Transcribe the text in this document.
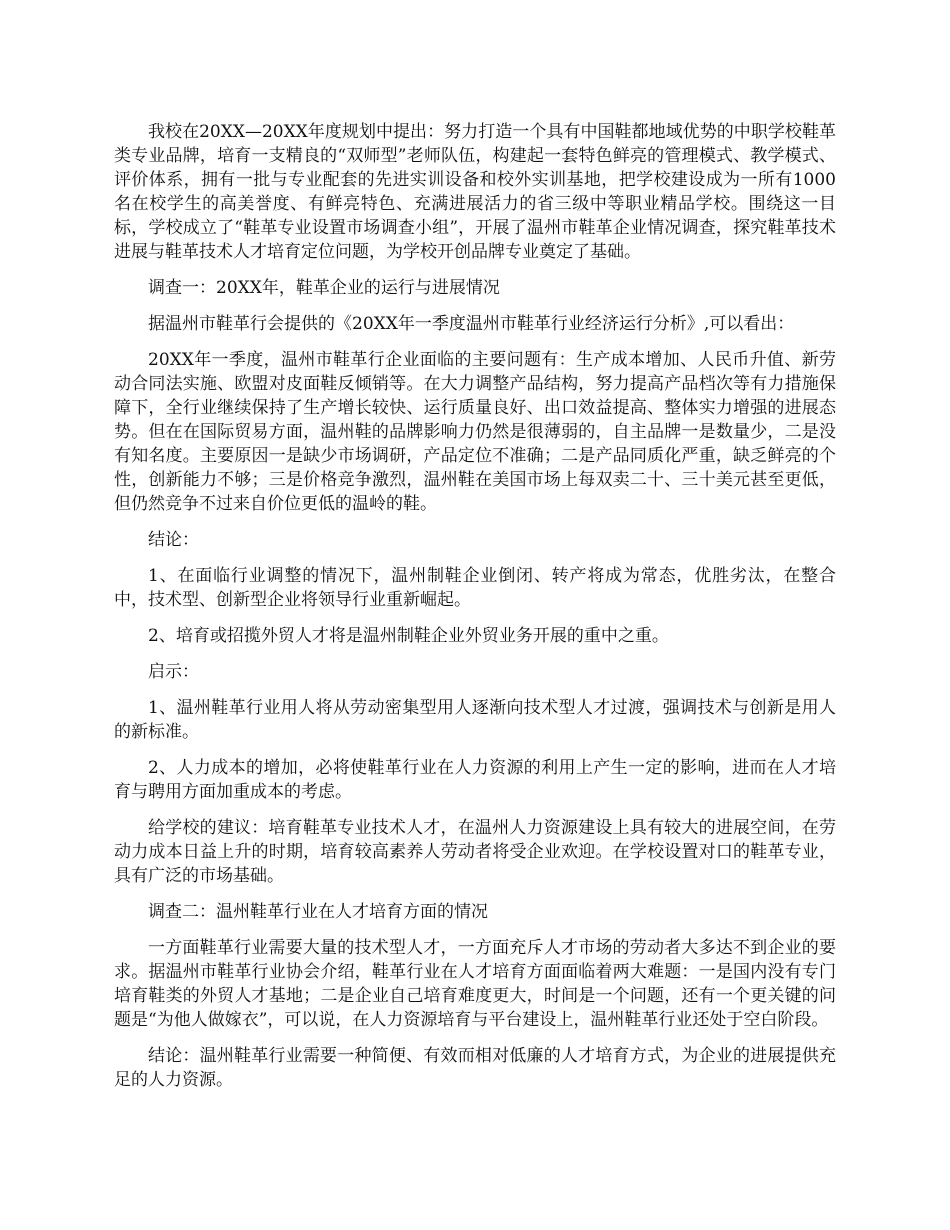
我校在20XX—20XX年度规划中提出：努力打造一个具有中国鞋都地域优势的中职学校鞋革类专业品牌，培育一支精良的“双师型”老师队伍，构建起一套特色鲜亮的管理模式、教学模式、评价体系，拥有一批与专业配套的先进实训设备和校外实训基地，把学校建设成为一所有1000名在校学生的高美誉度、有鲜亮特色、充满进展活力的省三级中等职业精品学校。围绕这一目标，学校成立了“鞋革专业设置市场调查小组”，开展了温州市鞋革企业情况调查，探究鞋革技术进展与鞋革技术人才培育定位问题，为学校开创品牌专业奠定了基础。

调查一：20XX年，鞋革企业的运行与进展情况

据温州市鞋革行会提供的《20XX年一季度温州市鞋革行业经济运行分析》,可以看出：

20XX年一季度，温州市鞋革行企业面临的主要问题有：生产成本增加、人民币升值、新劳动合同法实施、欧盟对皮面鞋反倾销等。在大力调整产品结构，努力提高产品档次等有力措施保障下，全行业继续保持了生产增长较快、运行质量良好、出口效益提高、整体实力增强的进展态势。但在在国际贸易方面，温州鞋的品牌影响力仍然是很薄弱的，自主品牌一是数量少，二是没有知名度。主要原因一是缺少市场调研，产品定位不准确；二是产品同质化严重，缺乏鲜亮的个性，创新能力不够；三是价格竞争激烈，温州鞋在美国市场上每双卖二十、三十美元甚至更低，但仍然竞争不过来自价位更低的温岭的鞋。

结论：

1、在面临行业调整的情况下，温州制鞋企业倒闭、转产将成为常态，优胜劣汰，在整合中，技术型、创新型企业将领导行业重新崛起。

2、培育或招揽外贸人才将是温州制鞋企业外贸业务开展的重中之重。

启示：

1、温州鞋革行业用人将从劳动密集型用人逐渐向技术型人才过渡，强调技术与创新是用人的新标准。

2、人力成本的增加，必将使鞋革行业在人力资源的利用上产生一定的影响，进而在人才培育与聘用方面加重成本的考虑。

给学校的建议：培育鞋革专业技术人才，在温州人力资源建设上具有较大的进展空间，在劳动力成本日益上升的时期，培育较高素养人劳动者将受企业欢迎。在学校设置对口的鞋革专业，具有广泛的市场基础。

调查二：温州鞋革行业在人才培育方面的情况

一方面鞋革行业需要大量的技术型人才，一方面充斥人才市场的劳动者大多达不到企业的要求。据温州市鞋革行业协会介绍，鞋革行业在人才培育方面面临着两大难题：一是国内没有专门培育鞋类的外贸人才基地；二是企业自己培育难度更大，时间是一个问题，还有一个更关键的问题是“为他人做嫁衣”，可以说，在人力资源培育与平台建设上，温州鞋革行业还处于空白阶段。

结论：温州鞋革行业需要一种简便、有效而相对低廉的人才培育方式，为企业的进展提供充足的人力资源。
